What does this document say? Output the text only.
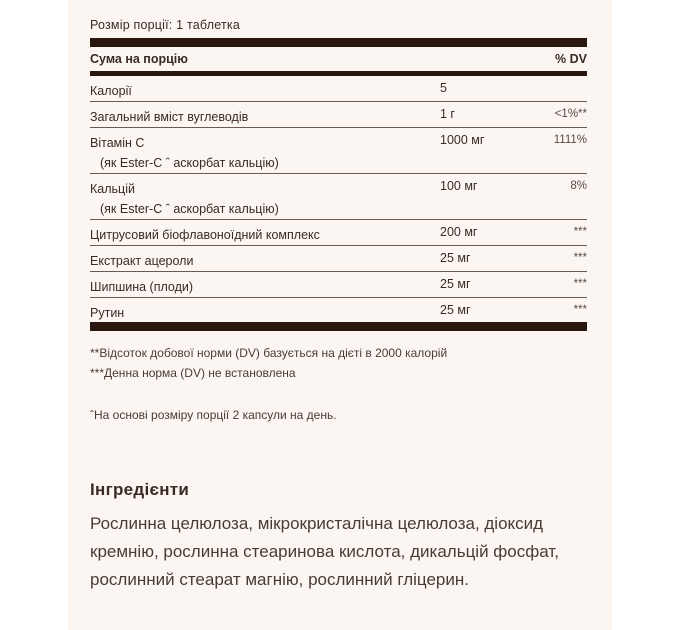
Розмір порції: 1 таблетка
Сума на порцію	% DV
Калорії	5
Загальний вміст вуглеводів	1 г	<1%**
Вітамін С
(як Ester-C ˆ аскорбат кальцію)
1000 мг	1111%
Кальцій
(як Ester-C ˆ аскорбат кальцію)
100 мг	8%
Цитрусовий біофлавоноїдний комплекс	200 мг	***
Екстракт ацероли	25 мг	***
Шипшина (плоди)	25 мг	***
Рутин	25 мг	***
**Відсоток добової норми (DV) базується на дієті в 2000 калорій
***Денна норма (DV) не встановлена
ˆНа основі розміру порції 2 капсули на день.
Інгредієнти
Рослинна целюлоза, мікрокристалічна целюлоза, діоксид кремнію, рослинна стеаринова кислота, дикальцій фосфат, рослинний стеарат магнію, рослинний гліцерин.
